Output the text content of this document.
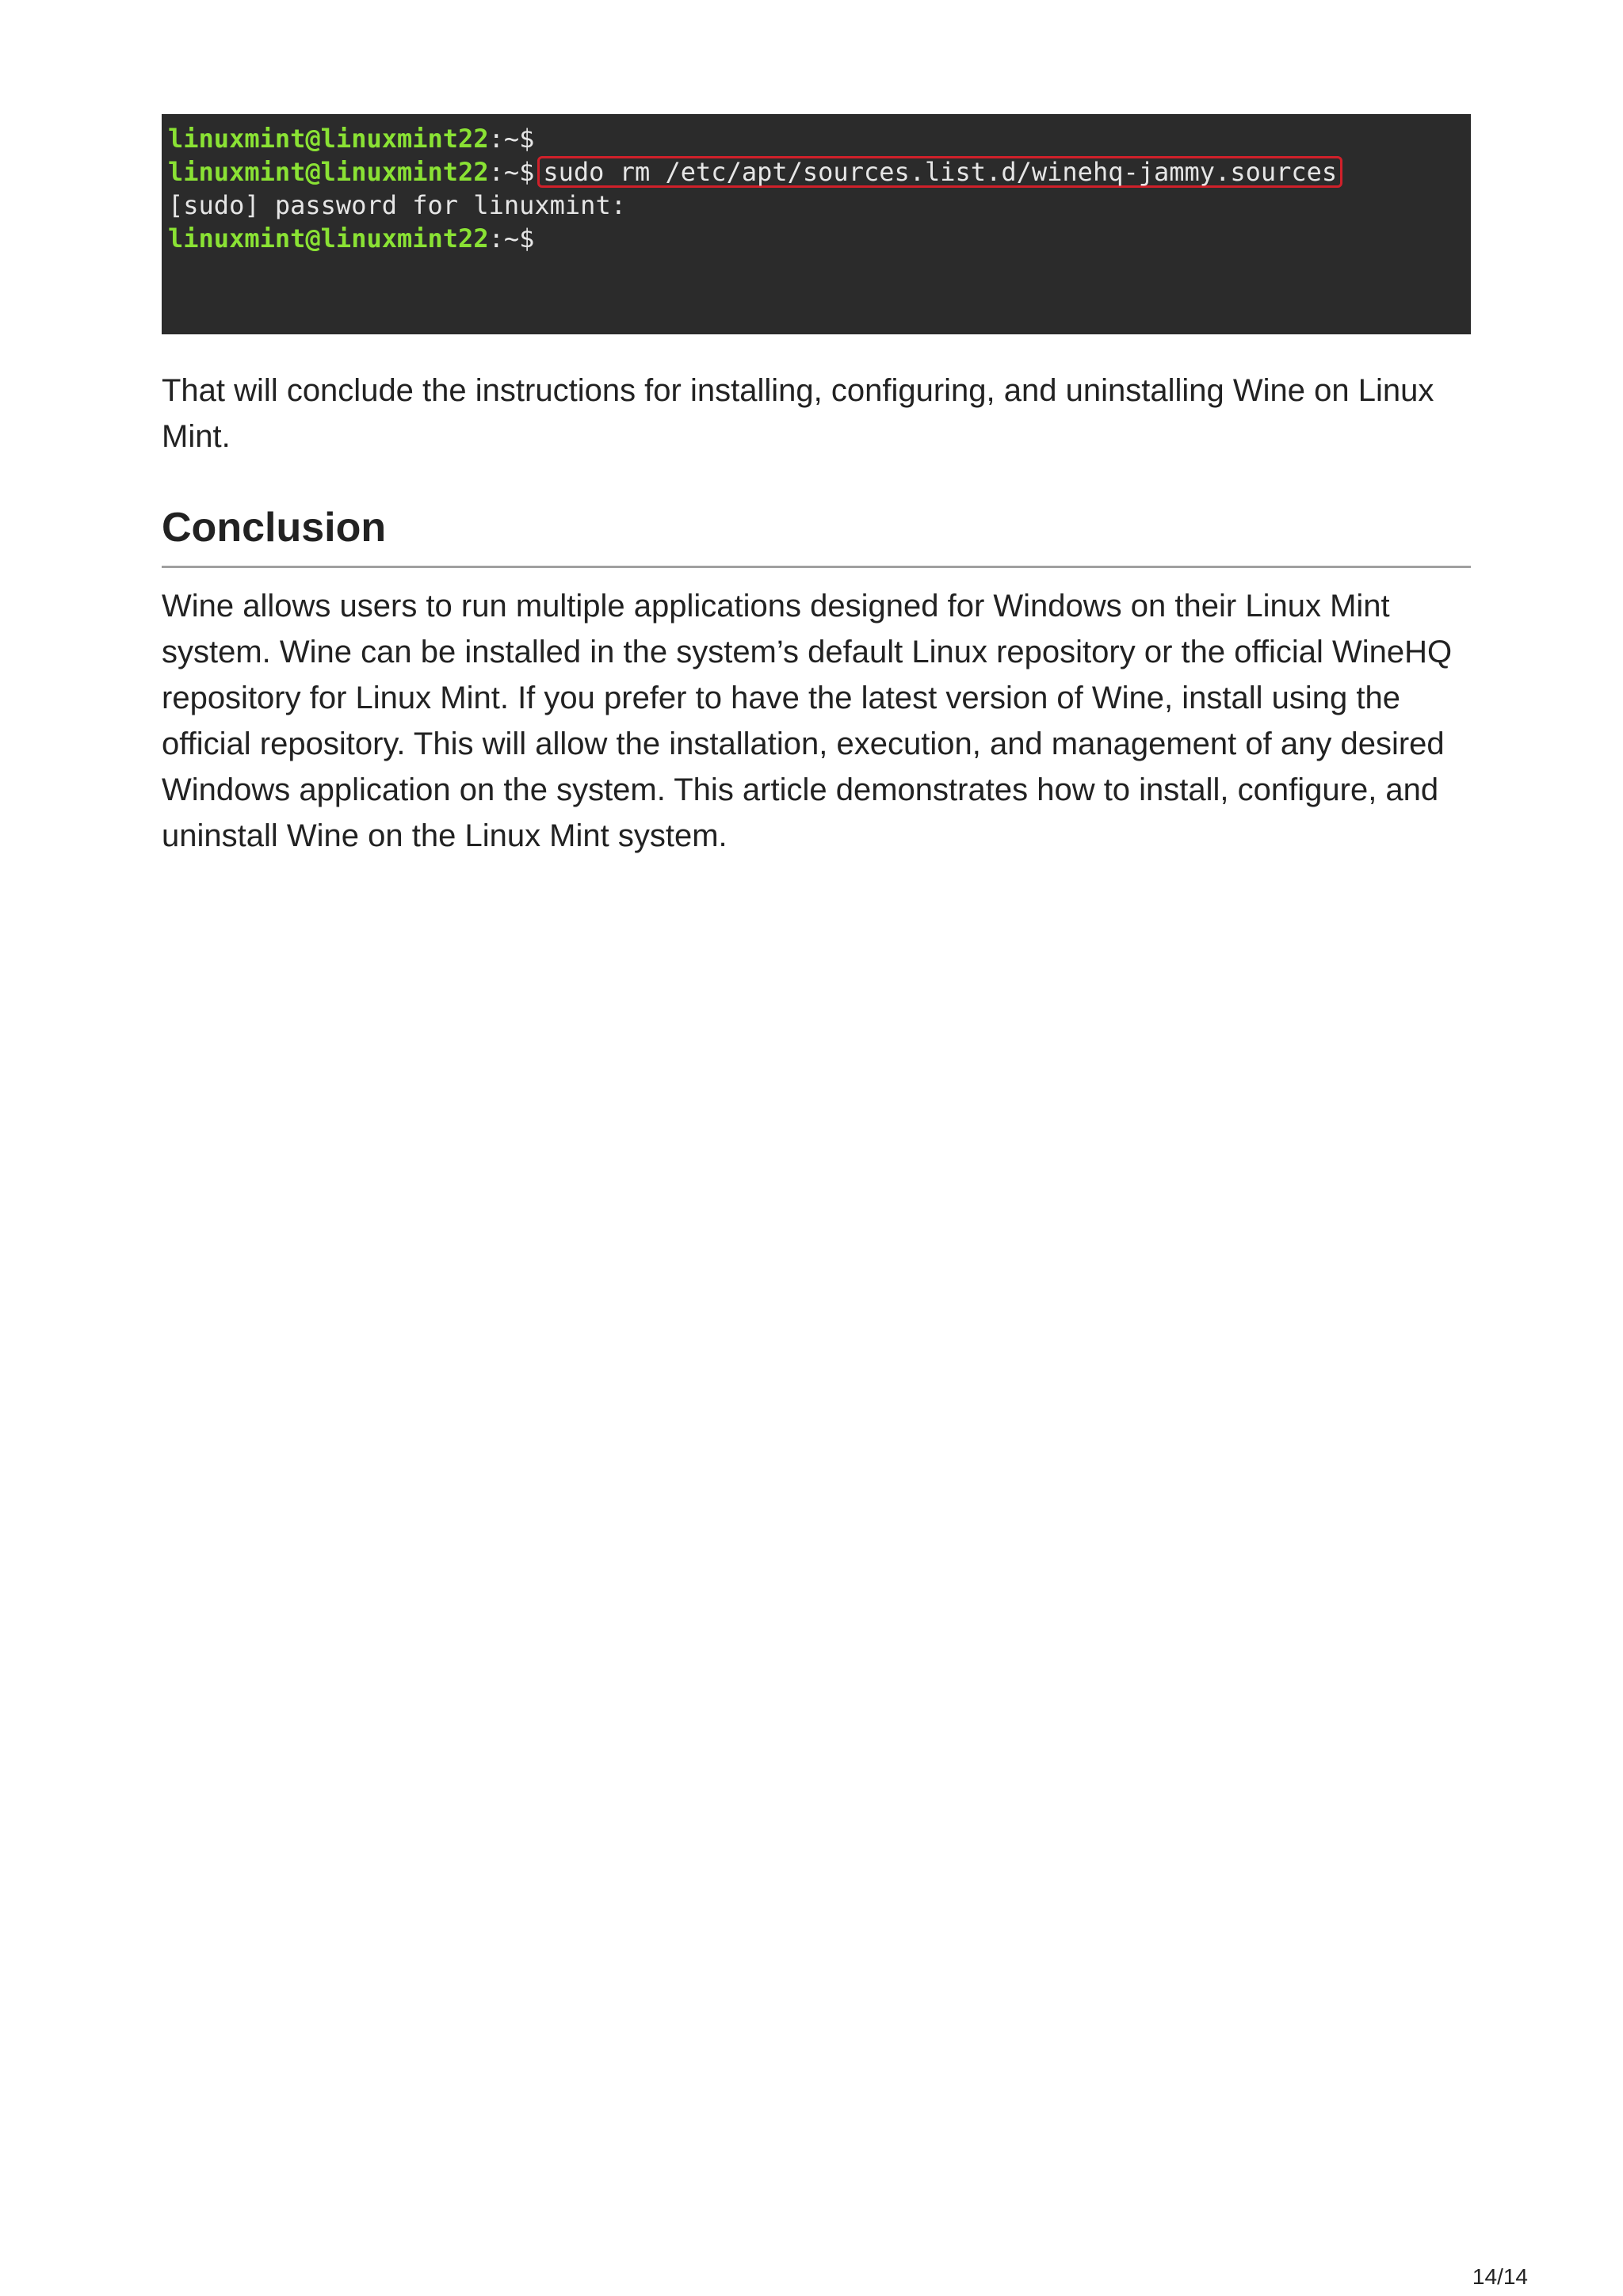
linuxmint@linuxmint22:~$
linuxmint@linuxmint22:~$ sudo rm /etc/apt/sources.list.d/winehq-jammy.sources
[sudo] password for linuxmint:
linuxmint@linuxmint22:~$

That will conclude the instructions for installing, configuring, and uninstalling Wine on Linux Mint.

Conclusion

Wine allows users to run multiple applications designed for Windows on their Linux Mint system. Wine can be installed in the system’s default Linux repository or the official WineHQ repository for Linux Mint. If you prefer to have the latest version of Wine, install using the official repository. This will allow the installation, execution, and management of any desired Windows application on the system. This article demonstrates how to install, configure, and uninstall Wine on the Linux Mint system.

14/14
